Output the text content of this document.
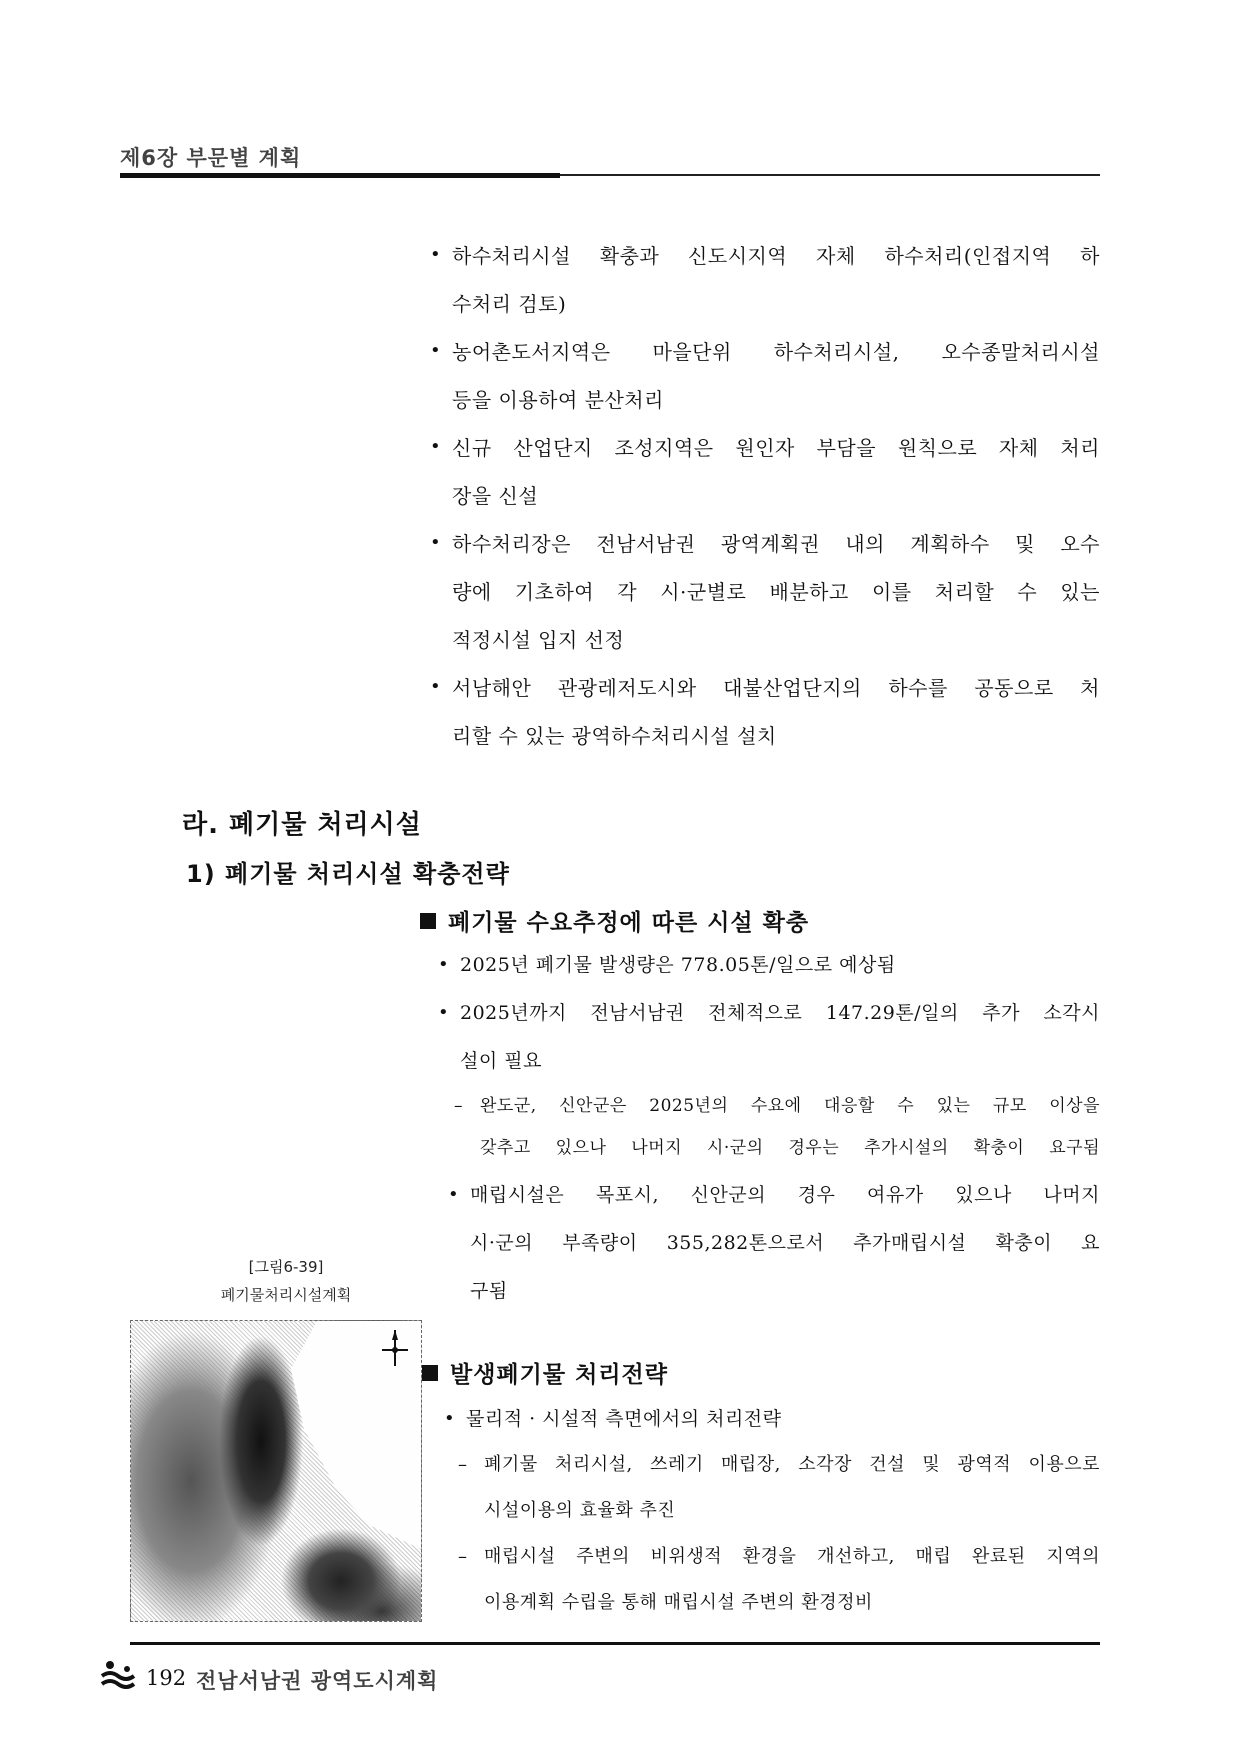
제6장 부문별 계획
• 하수처리시설 확충과 신도시지역 자체 하수처리(인접지역 하
수처리 검토)
• 농어촌도서지역은 마을단위 하수처리시설, 오수종말처리시설
등을 이용하여 분산처리
• 신규 산업단지 조성지역은 원인자 부담을 원칙으로 자체 처리
장을 신설
• 하수처리장은 전남서남권 광역계획권 내의 계획하수 및 오수
량에 기초하여 각 시·군별로 배분하고 이를 처리할 수 있는
적정시설 입지 선정
• 서남해안 관광레저도시와 대불산업단지의 하수를 공동으로 처
리할 수 있는 광역하수처리시설 설치
라. 폐기물 처리시설
1) 폐기물 처리시설 확충전략
폐기물 수요추정에 따른 시설 확충
• 2025년 폐기물 발생량은 778.05톤/일으로 예상됨
• 2025년까지 전남서남권 전체적으로 147.29톤/일의 추가 소각시
설이 필요
– 완도군, 신안군은 2025년의 수요에 대응할 수 있는 규모 이상을
갖추고 있으나 나머지 시·군의 경우는 추가시설의 확충이 요구됨
• 매립시설은 목포시, 신안군의 경우 여유가 있으나 나머지
시·군의 부족량이 355,282톤으로서 추가매립시설 확충이 요
구됨
[그림6-39]
폐기물처리시설계획
발생폐기물 처리전략
• 물리적 · 시설적 측면에서의 처리전략
– 폐기물 처리시설, 쓰레기 매립장, 소각장 건설 및 광역적 이용으로
시설이용의 효율화 추진
– 매립시설 주변의 비위생적 환경을 개선하고, 매립 완료된 지역의
이용계획 수립을 통해 매립시설 주변의 환경정비
192 전남서남권 광역도시계획
